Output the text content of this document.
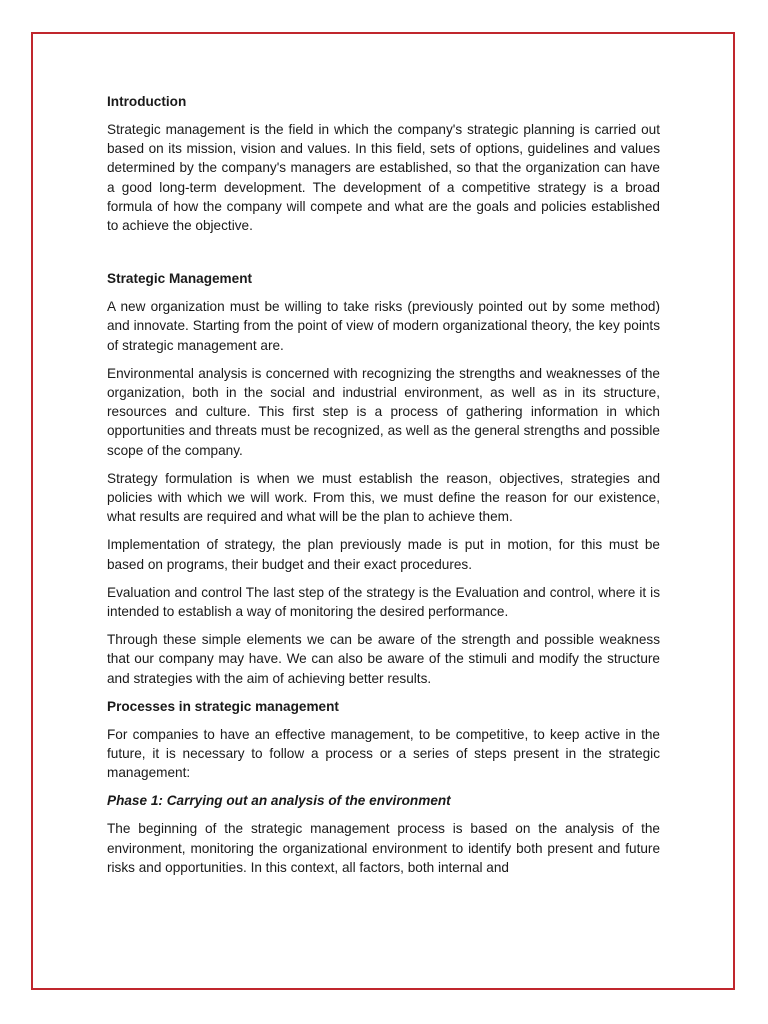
Introduction

Strategic management is the field in which the company's strategic planning is carried out based on its mission, vision and values. In this field, sets of options, guidelines and values determined by the company's managers are established, so that the organization can have a good long-term development. The development of a competitive strategy is a broad formula of how the company will compete and what are the goals and policies established to achieve the objective.

Strategic Management

A new organization must be willing to take risks (previously pointed out by some method) and innovate. Starting from the point of view of modern organizational theory, the key points of strategic management are.

Environmental analysis is concerned with recognizing the strengths and weaknesses of the organization, both in the social and industrial environment, as well as in its structure, resources and culture. This first step is a process of gathering information in which opportunities and threats must be recognized, as well as the general strengths and possible scope of the company.

Strategy formulation is when we must establish the reason, objectives, strategies and policies with which we will work. From this, we must define the reason for our existence, what results are required and what will be the plan to achieve them.

Implementation of strategy, the plan previously made is put in motion, for this must be based on programs, their budget and their exact procedures.

Evaluation and control The last step of the strategy is the Evaluation and control, where it is intended to establish a way of monitoring the desired performance.

Through these simple elements we can be aware of the strength and possible weakness that our company may have. We can also be aware of the stimuli and modify the structure and strategies with the aim of achieving better results.

Processes in strategic management

For companies to have an effective management, to be competitive, to keep active in the future, it is necessary to follow a process or a series of steps present in the strategic management:

Phase 1: Carrying out an analysis of the environment

The beginning of the strategic management process is based on the analysis of the environment, monitoring the organizational environment to identify both present and future risks and opportunities. In this context, all factors, both internal and
